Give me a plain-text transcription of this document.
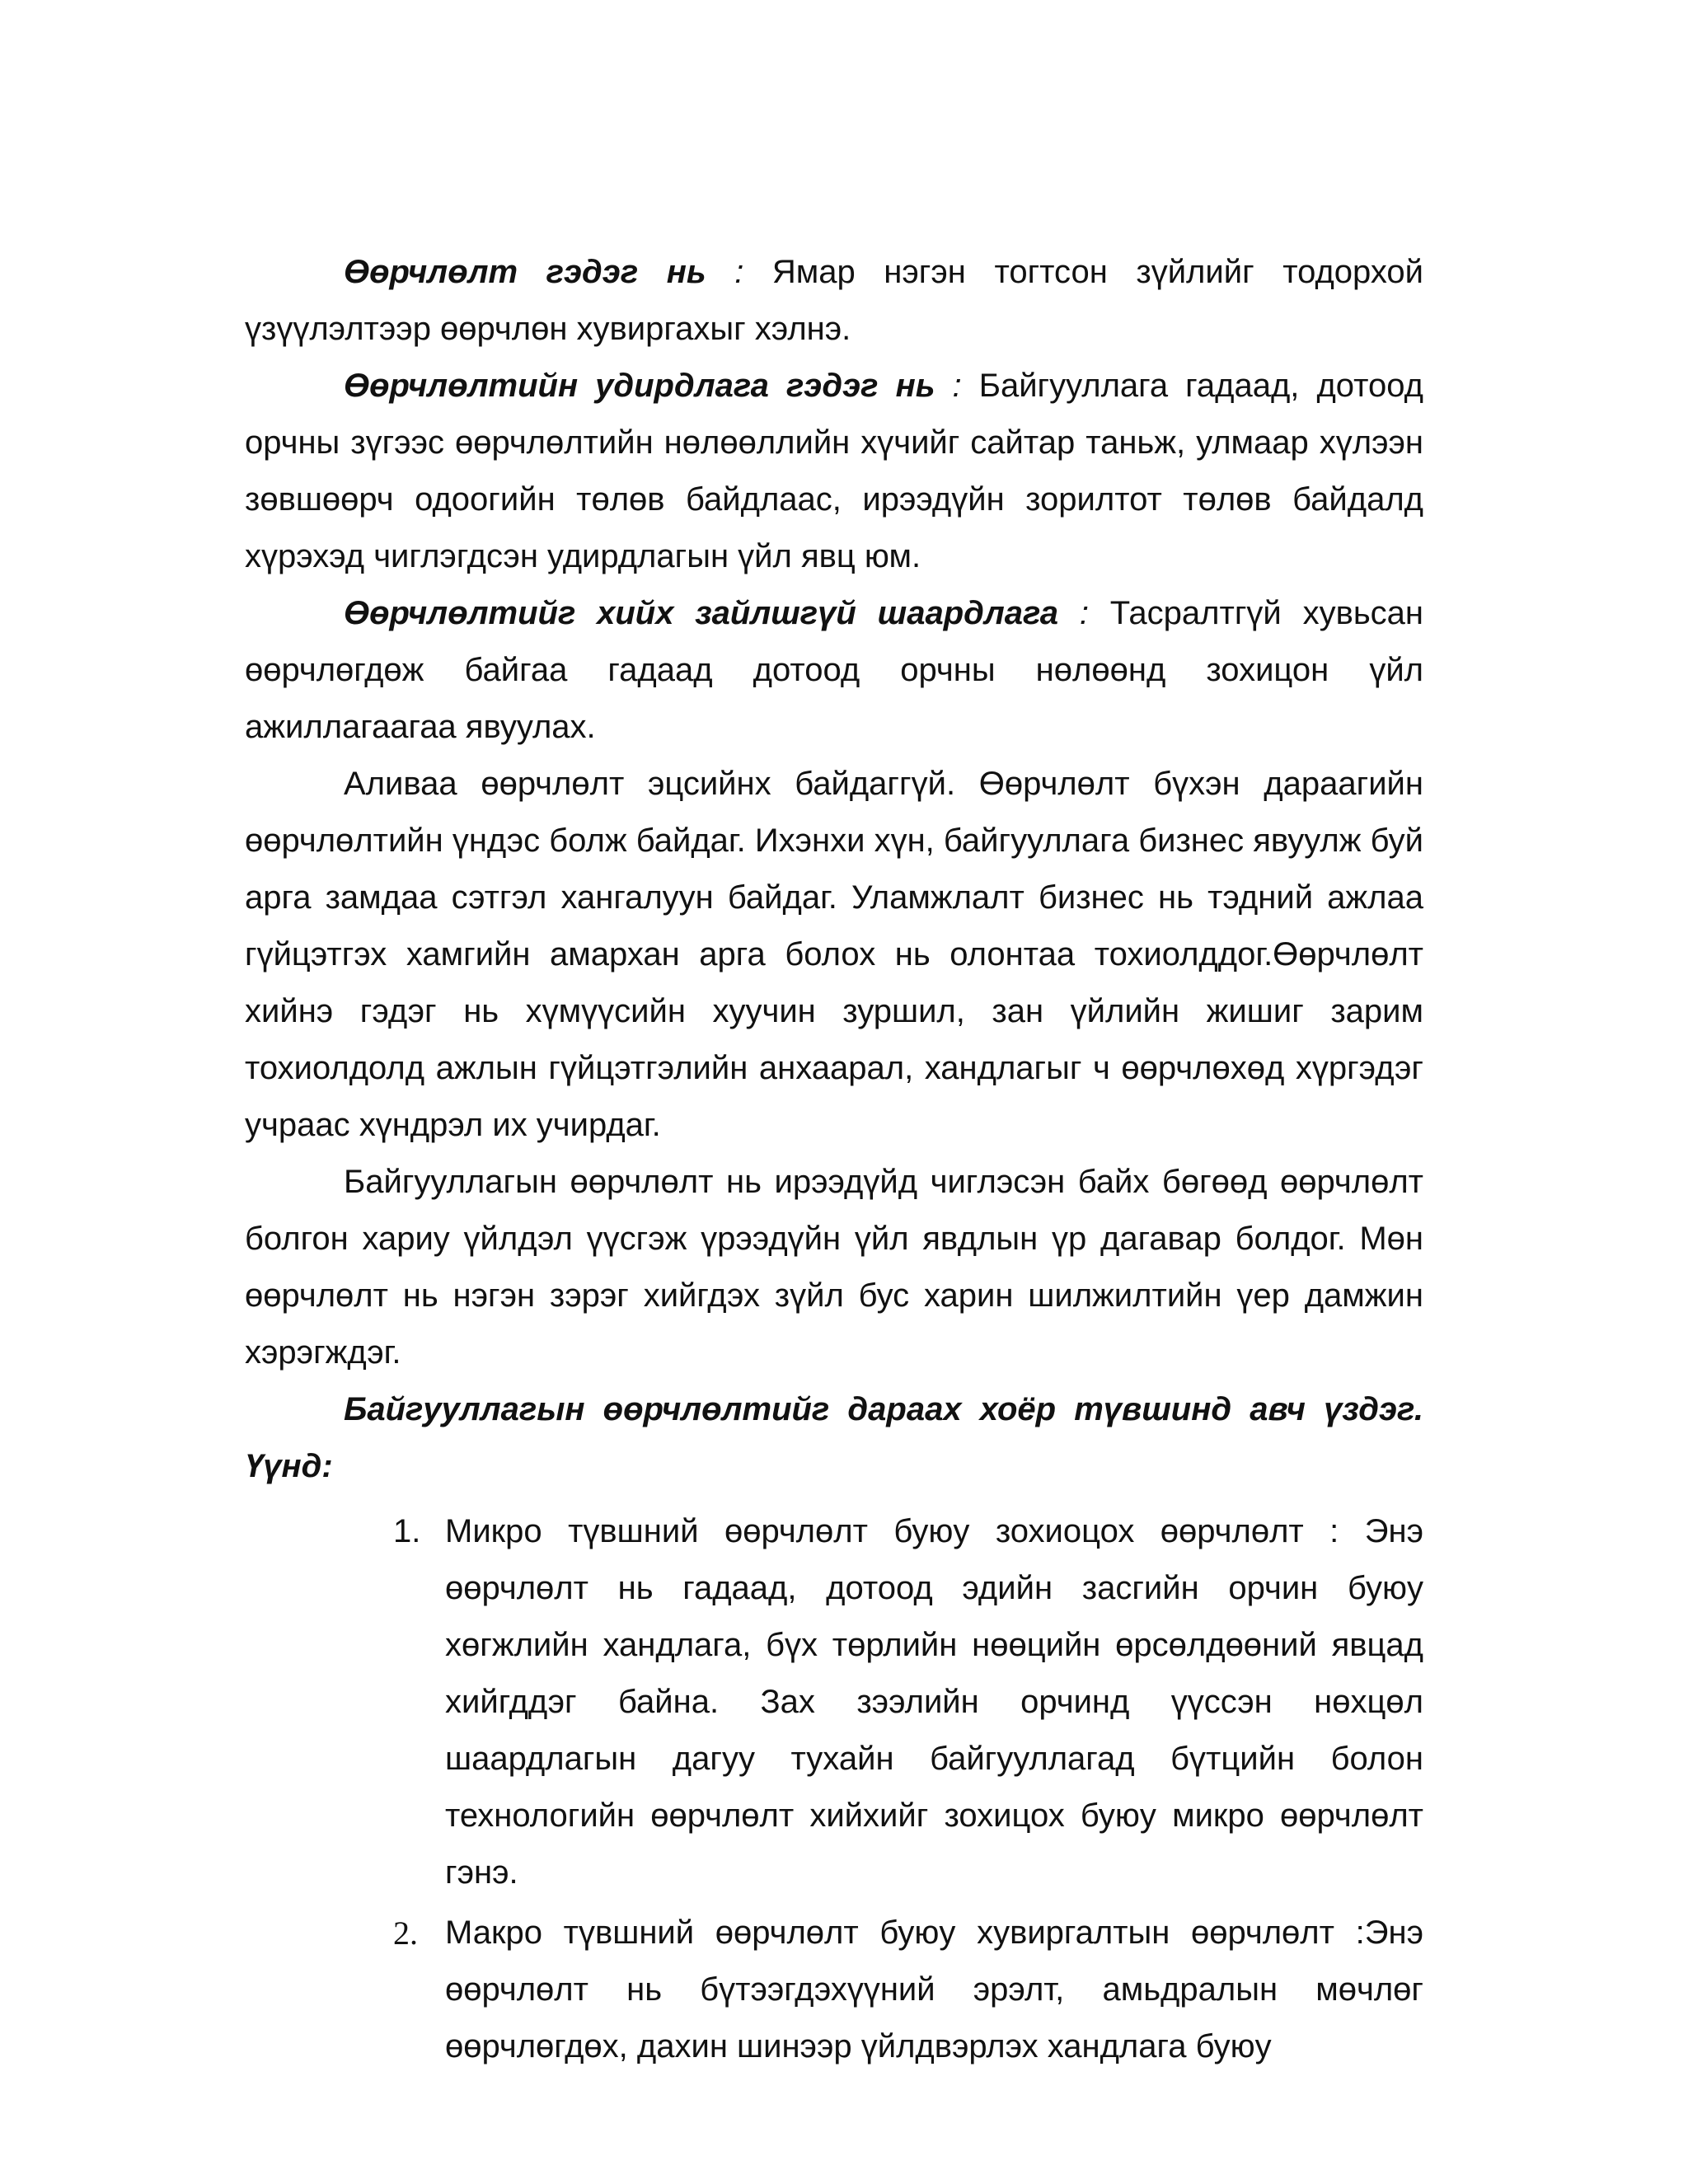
Өөрчлөлт гэдэг нь : Ямар нэгэн тогтсон зүйлийг тодорхой үзүүлэлтээр өөрчлөн хувиргахыг хэлнэ.

Өөрчлөлтийн удирдлага гэдэг нь : Байгууллага гадаад, дотоод орчны зүгээс өөрчлөлтийн нөлөөллийн хүчийг сайтар таньж, улмаар хүлээн зөвшөөрч одоогийн төлөв байдлаас, ирээдүйн зорилтот төлөв байдалд хүрэхэд чиглэгдсэн удирдлагын үйл явц юм.

Өөрчлөлтийг хийх зайлшгүй шаардлага : Тасралтгүй хувьсан өөрчлөгдөж байгаа гадаад дотоод орчны нөлөөнд зохицон үйл ажиллагаагаа явуулах.

Аливаа өөрчлөлт эцсийнх байдаггүй. Өөрчлөлт бүхэн дараагийн өөрчлөлтийн үндэс болж байдаг. Ихэнхи хүн, байгууллага бизнес явуулж буй арга замдаа сэтгэл хангалуун байдаг. Уламжлалт бизнес нь тэдний ажлаа гүйцэтгэх хамгийн амархан арга болох нь олонтаа тохиолддог.Өөрчлөлт хийнэ гэдэг нь хүмүүсийн хуучин зуршил, зан үйлийн жишиг зарим тохиолдолд ажлын гүйцэтгэлийн анхаарал, хандлагыг ч өөрчлөхөд хүргэдэг учраас хүндрэл их учирдаг.

Байгууллагын өөрчлөлт нь ирээдүйд чиглэсэн байх бөгөөд өөрчлөлт болгон хариу үйлдэл үүсгэж үрээдүйн үйл явдлын үр дагавар болдог. Мөн өөрчлөлт нь нэгэн зэрэг хийгдэх зүйл бус харин шилжилтийн үер дамжин хэрэгждэг.

Байгууллагын өөрчлөлтийг дараах хоёр түвшинд авч үздэг. Үүнд:

1. Микро түвшний өөрчлөлт буюу зохиоцох өөрчлөлт : Энэ өөрчлөлт нь гадаад, дотоод эдийн засгийн орчин буюу хөгжлийн хандлага, бүх төрлийн нөөцийн өрсөлдөөний явцад хийгддэг байна. Зах зээлийн орчинд үүссэн нөхцөл шаардлагын дагуу тухайн байгууллагад бүтцийн болон технологийн өөрчлөлт хийхийг зохицох буюу микро өөрчлөлт гэнэ.
2. Макро түвшний өөрчлөлт буюу хувиргалтын өөрчлөлт :Энэ өөрчлөлт нь бүтээгдэхүүний эрэлт, амьдралын мөчлөг өөрчлөгдөх, дахин шинээр үйлдвэрлэх хандлага буюу
